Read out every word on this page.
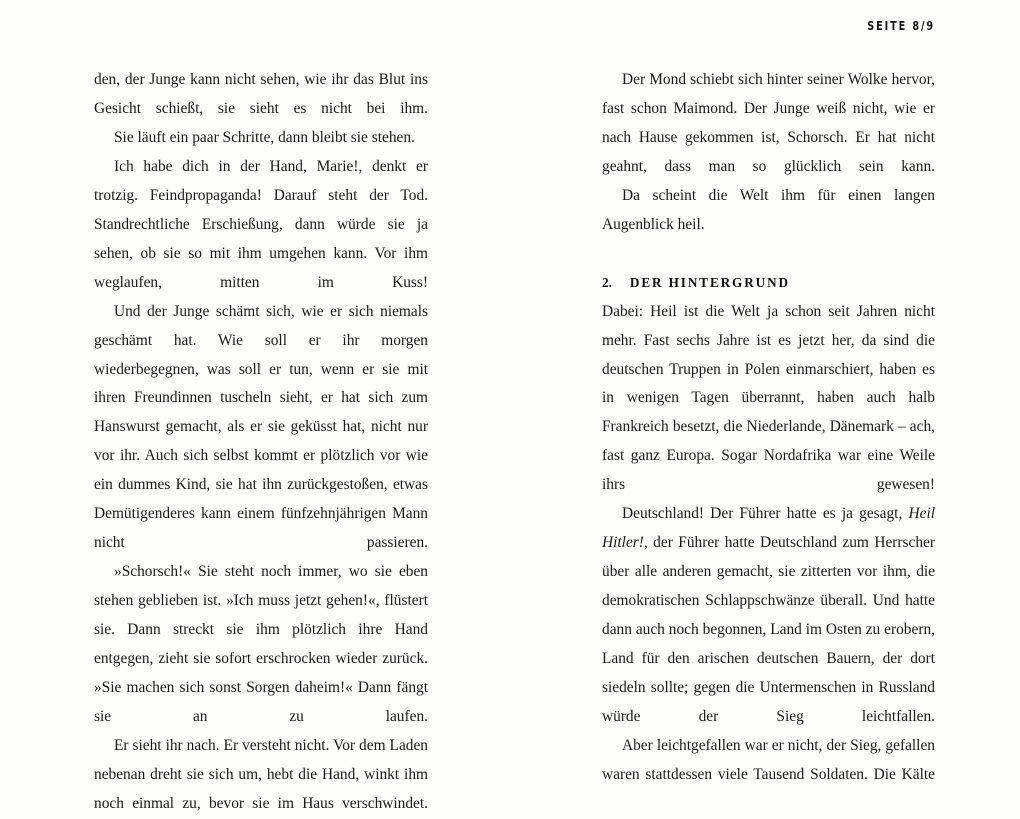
SEITE 8/9

den, der Junge kann nicht sehen, wie ihr das Blut ins Gesicht schießt, sie sieht es nicht bei ihm.

Sie läuft ein paar Schritte, dann bleibt sie stehen.

Ich habe dich in der Hand, Marie!, denkt er trotzig. Feindpropaganda! Darauf steht der Tod. Standrechtliche Erschießung, dann würde sie ja sehen, ob sie so mit ihm umgehen kann. Vor ihm weglaufen, mitten im Kuss!

Und der Junge schämt sich, wie er sich niemals geschämt hat. Wie soll er ihr morgen wiederbegegnen, was soll er tun, wenn er sie mit ihren Freundinnen tuscheln sieht, er hat sich zum Hanswurst gemacht, als er sie geküsst hat, nicht nur vor ihr. Auch sich selbst kommt er plötzlich vor wie ein dummes Kind, sie hat ihn zurückgestoßen, etwas Demütigenderes kann einem fünfzehnjährigen Mann nicht passieren.

»Schorsch!« Sie steht noch immer, wo sie eben stehen geblieben ist. »Ich muss jetzt gehen!«, flüstert sie. Dann streckt sie ihm plötzlich ihre Hand entgegen, zieht sie sofort erschrocken wieder zurück. »Sie machen sich sonst Sorgen daheim!« Dann fängt sie an zu laufen.

Er sieht ihr nach. Er versteht nicht. Vor dem Laden nebenan dreht sie sich um, hebt die Hand, winkt ihm noch einmal zu, bevor sie im Haus verschwindet.

Der Mond schiebt sich hinter seiner Wolke hervor, fast schon Maimond. Der Junge weiß nicht, wie er nach Hause gekommen ist, Schorsch. Er hat nicht geahnt, dass man so glücklich sein kann.

Da scheint die Welt ihm für einen langen Augenblick heil.

2. DER HINTERGRUND

Dabei: Heil ist die Welt ja schon seit Jahren nicht mehr. Fast sechs Jahre ist es jetzt her, da sind die deutschen Truppen in Polen einmarschiert, haben es in wenigen Tagen überrannt, haben auch halb Frankreich besetzt, die Niederlande, Dänemark – ach, fast ganz Europa. Sogar Nordafrika war eine Weile ihrs gewesen!

Deutschland! Der Führer hatte es ja gesagt, Heil Hitler!, der Führer hatte Deutschland zum Herrscher über alle anderen gemacht, sie zitterten vor ihm, die demokratischen Schlappschwänze überall. Und hatte dann auch noch begonnen, Land im Osten zu erobern, Land für den arischen deutschen Bauern, der dort siedeln sollte; gegen die Untermenschen in Russland würde der Sieg leichtfallen.

Aber leichtgefallen war er nicht, der Sieg, gefallen waren stattdessen viele Tausend Soldaten. Die Kälte
